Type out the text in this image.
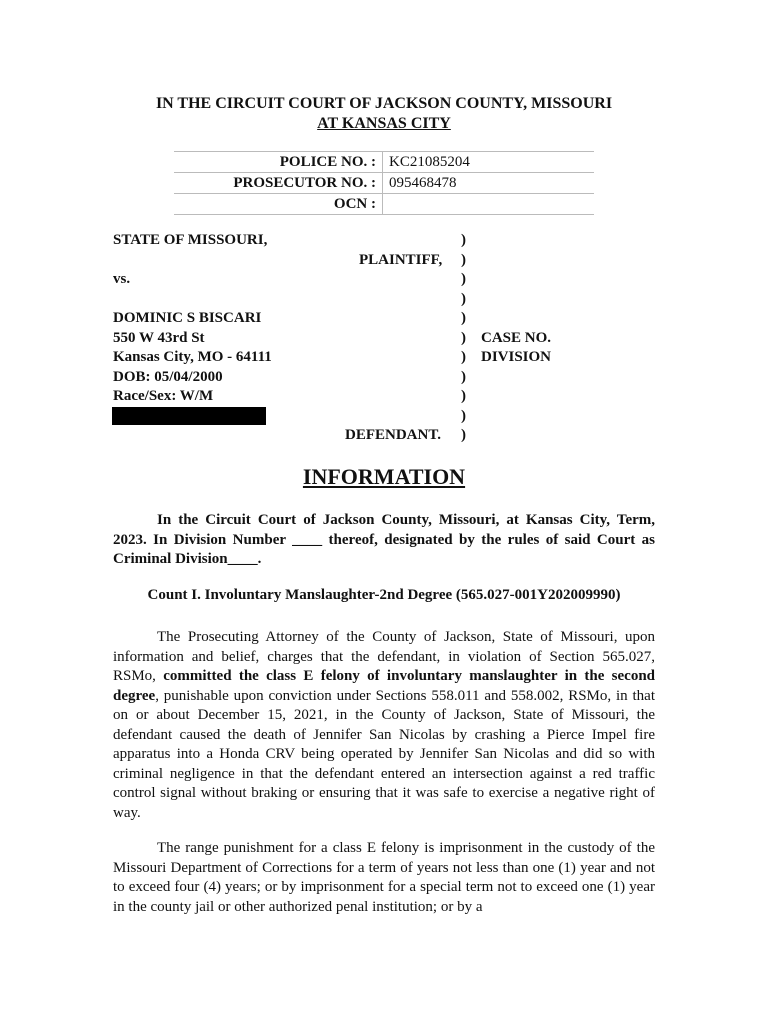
IN THE CIRCUIT COURT OF JACKSON COUNTY, MISSOURI
AT KANSAS CITY
POLICE NO. : KC21085204
PROSECUTOR NO. : 095468478
OCN :
STATE OF MISSOURI,
PLAINTIFF,
vs.
DOMINIC S BISCARI
550 W 43rd St
Kansas City, MO - 64111
DOB: 05/04/2000
Race/Sex: W/M
DEFENDANT.
)
)
)
)
)
)
)
)
)
)
)
CASE NO.
DIVISION
INFORMATION
In the Circuit Court of Jackson County, Missouri, at Kansas City, Term, 2023. In Division Number ____ thereof, designated by the rules of said Court as Criminal Division____.
Count I. Involuntary Manslaughter-2nd Degree (565.027-001Y202009990)
The Prosecuting Attorney of the County of Jackson, State of Missouri, upon information and belief, charges that the defendant, in violation of Section 565.027, RSMo, committed the class E felony of involuntary manslaughter in the second degree, punishable upon conviction under Sections 558.011 and 558.002, RSMo, in that on or about December 15, 2021, in the County of Jackson, State of Missouri, the defendant caused the death of Jennifer San Nicolas by crashing a Pierce Impel fire apparatus into a Honda CRV being operated by Jennifer San Nicolas and did so with criminal negligence in that the defendant entered an intersection against a red traffic control signal without braking or ensuring that it was safe to exercise a negative right of way.
The range punishment for a class E felony is imprisonment in the custody of the Missouri Department of Corrections for a term of years not less than one (1) year and not to exceed four (4) years; or by imprisonment for a special term not to exceed one (1) year in the county jail or other authorized penal institution; or by a
